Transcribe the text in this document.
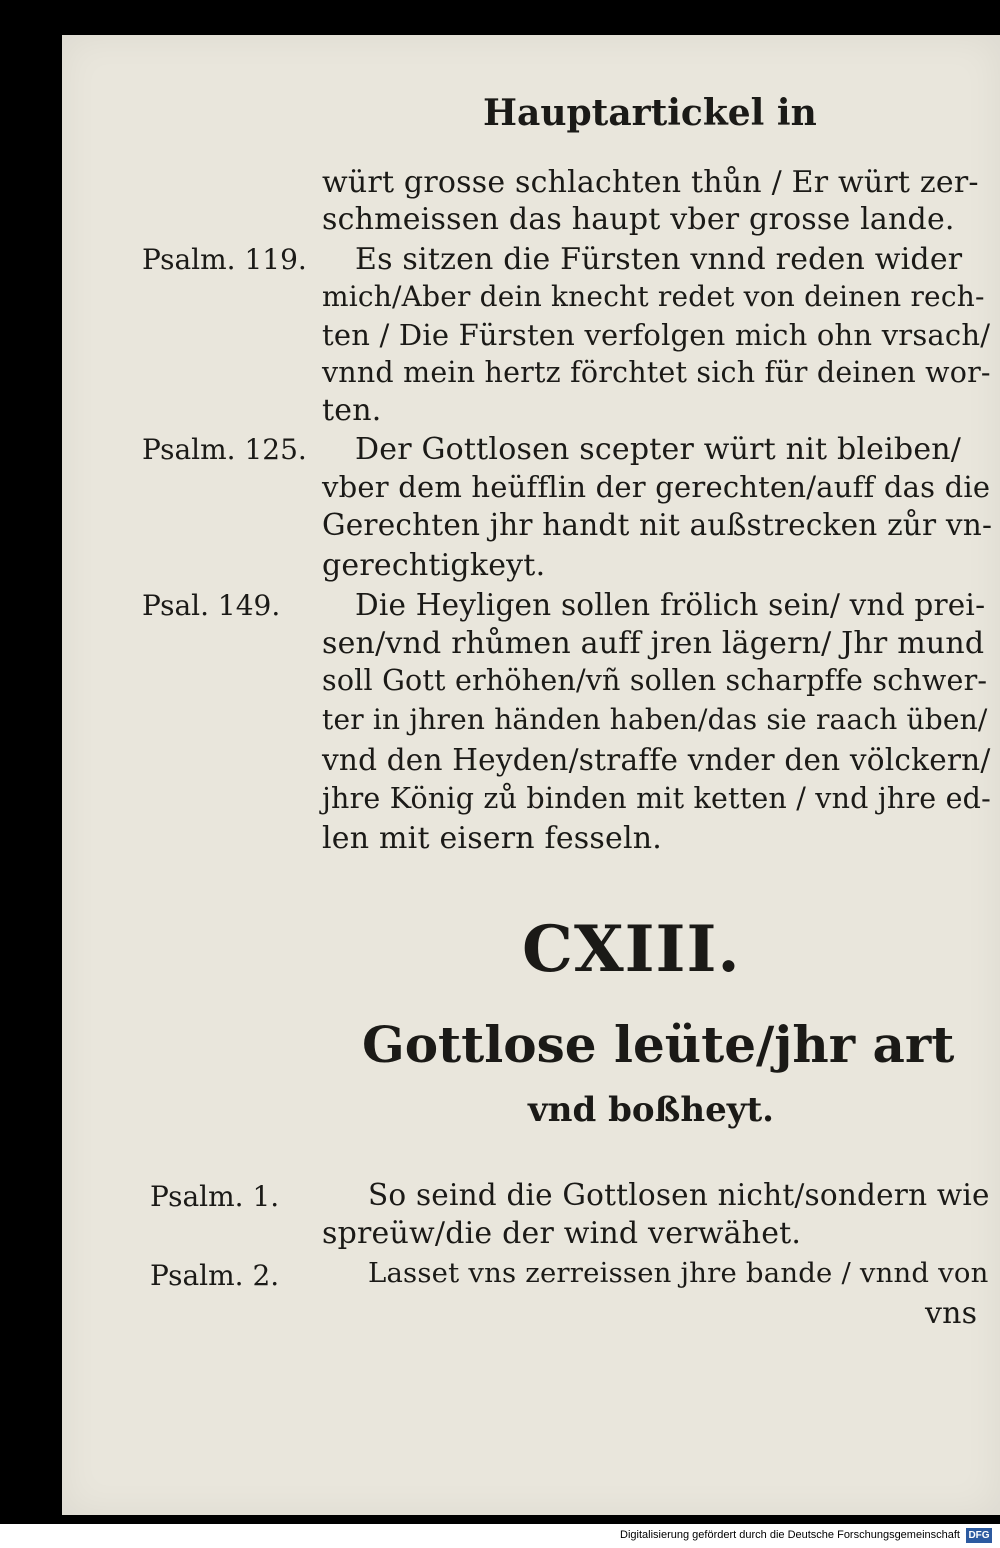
Hauptartickel in
würt grosse schlachten thůn / Er würt zer-
schmeissen das haupt vber grosse lande.
Es sitzen die Fürsten vnnd reden wider
mich/Aber dein knecht redet von deinen rech-
ten / Die Fürsten verfolgen mich ohn vrsach/
vnnd mein hertz förchtet sich für deinen wor-
ten.
Der Gottlosen scepter würt nit bleiben/
vber dem heüfflin der gerechten/auff das die
Gerechten jhr handt nit außstrecken zůr vn-
gerechtigkeyt.
Die Heyligen sollen frölich sein/ vnd prei-
sen/vnd rhůmen auff jren lägern/ Jhr mund
soll Gott erhöhen/vñ sollen scharpffe schwer-
ter in jhren händen haben/das sie raach üben/
vnd den Heyden/straffe vnder den völckern/
jhre König zů binden mit ketten / vnd jhre ed-
len mit eisern fesseln.
Psalm. 119.
Psalm. 125.
Psal. 149.
CXIII.
Gottlose leüte/jhr art
vnd boßheyt.
So seind die Gottlosen nicht/sondern wie
spreüw/die der wind verwähet.
Lasset vns zerreissen jhre bande / vnnd von
vns
Psalm. 1.
Psalm. 2.
Digitalisierung gefördert durch die Deutsche Forschungsgemeinschaft DFG
